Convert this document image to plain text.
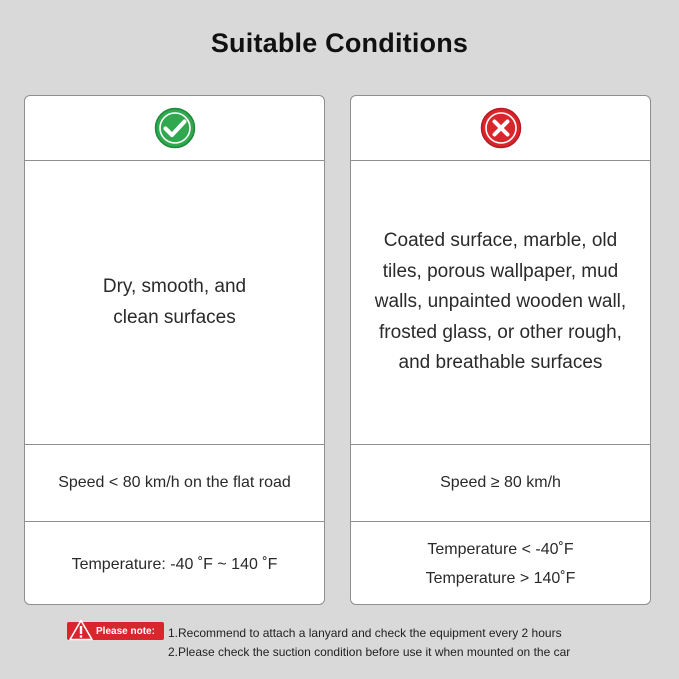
Suitable Conditions
Dry, smooth, and
clean surfaces
Speed < 80 km/h on the flat road
Temperature: -40 ˚F ~ 140 ˚F
Coated surface, marble, old
tiles, porous wallpaper, mud
walls, unpainted wooden wall,
frosted glass, or other rough,
and breathable surfaces
Speed ≥ 80 km/h
Temperature < -40˚F
Temperature > 140˚F
Please note: 1.Recommend to attach a lanyard and check the equipment every 2 hours
2.Please check the suction condition before use it when mounted on the car
